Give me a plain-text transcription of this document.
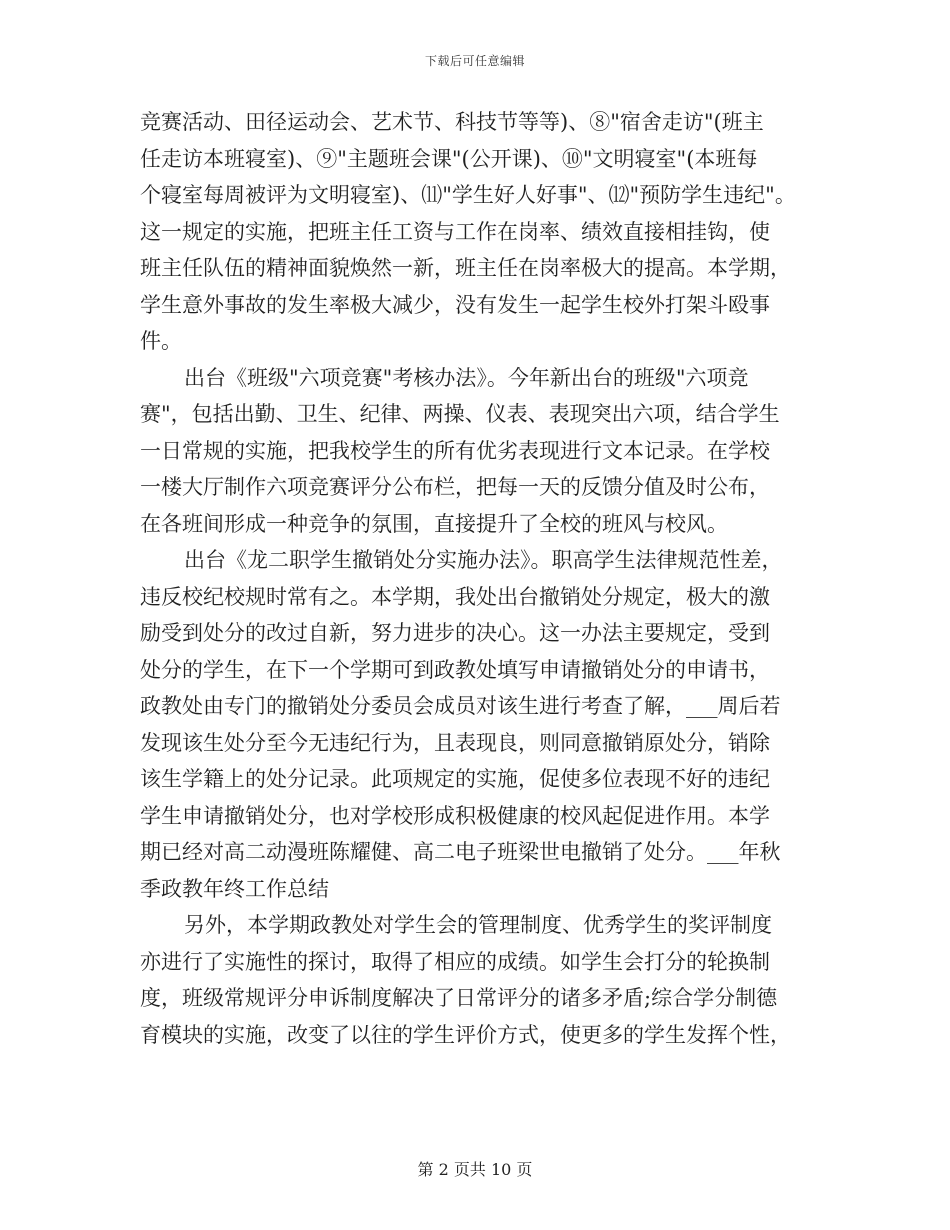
下载后可任意编辑
竞赛活动、田径运动会、艺术节、科技节等等)、⑧"宿舍走访"(班主
任走访本班寝室)、⑨"主题班会课"(公开课)、⑩"文明寝室"(本班每
个寝室每周被评为文明寝室)、⑾"学生好人好事"、⑿"预防学生违纪"。
这一规定的实施，把班主任工资与工作在岗率、绩效直接相挂钩，使
班主任队伍的精神面貌焕然一新，班主任在岗率极大的提高。本学期，
学生意外事故的发生率极大减少，没有发生一起学生校外打架斗殴事
件。
出台《班级"六项竞赛"考核办法》。今年新出台的班级"六项竞
赛"，包括出勤、卫生、纪律、两操、仪表、表现突出六项，结合学生
一日常规的实施，把我校学生的所有优劣表现进行文本记录。在学校
一楼大厅制作六项竞赛评分公布栏，把每一天的反馈分值及时公布，
在各班间形成一种竞争的氛围，直接提升了全校的班风与校风。
出台《龙二职学生撤销处分实施办法》。职高学生法律规范性差，
违反校纪校规时常有之。本学期，我处出台撤销处分规定，极大的激
励受到处分的改过自新，努力进步的决心。这一办法主要规定，受到
处分的学生，在下一个学期可到政教处填写申请撤销处分的申请书，
政教处由专门的撤销处分委员会成员对该生进行考查了解，___周后若
发现该生处分至今无违纪行为，且表现良，则同意撤销原处分，销除
该生学籍上的处分记录。此项规定的实施，促使多位表现不好的违纪
学生申请撤销处分，也对学校形成积极健康的校风起促进作用。本学
期已经对高二动漫班陈耀健、高二电子班梁世电撤销了处分。___年秋
季政教年终工作总结
另外，本学期政教处对学生会的管理制度、优秀学生的奖评制度
亦进行了实施性的探讨，取得了相应的成绩。如学生会打分的轮换制
度，班级常规评分申诉制度解决了日常评分的诸多矛盾;综合学分制德
育模块的实施，改变了以往的学生评价方式，使更多的学生发挥个性，
第 2 页共 10 页
